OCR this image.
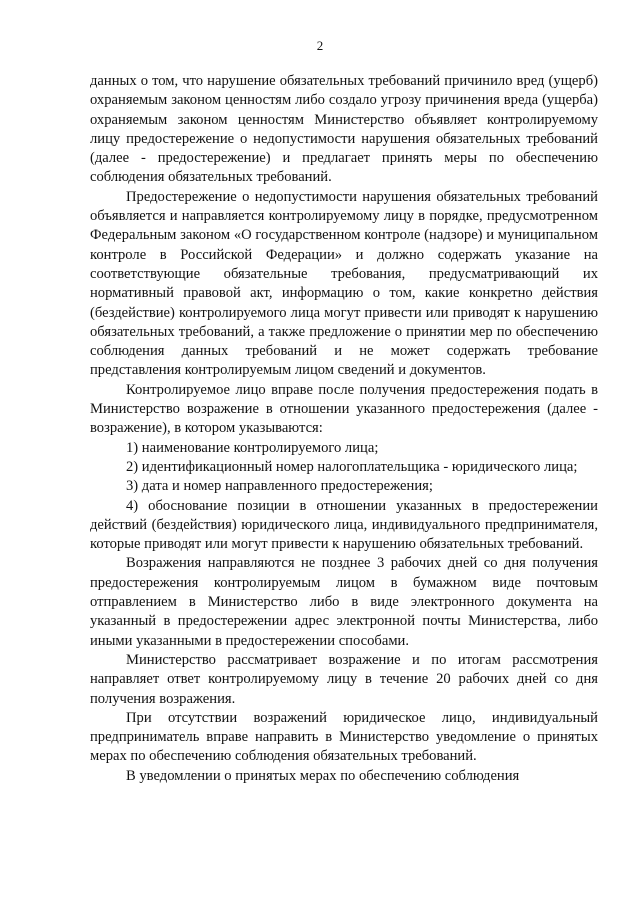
2

данных о том, что нарушение обязательных требований причинило вред (ущерб) охраняемым законом ценностям либо создало угрозу причинения вреда (ущерба) охраняемым законом ценностям Министерство объявляет контролируемому лицу предостережение о недопустимости нарушения обязательных требований (далее - предостережение) и предлагает принять меры по обеспечению соблюдения обязательных требований.

Предостережение о недопустимости нарушения обязательных требований объявляется и направляется контролируемому лицу в порядке, предусмотренном Федеральным законом «О государственном контроле (надзоре) и муниципальном контроле в Российской Федерации» и должно содержать указание на соответствующие обязательные требования, предусматривающий их нормативный правовой акт, информацию о том, какие конкретно действия (бездействие) контролируемого лица могут привести или приводят к нарушению обязательных требований, а также предложение о принятии мер по обеспечению соблюдения данных требований и не может содержать требование представления контролируемым лицом сведений и документов.

Контролируемое лицо вправе после получения предостережения подать в Министерство возражение в отношении указанного предостережения (далее - возражение), в котором указываются:

1) наименование контролируемого лица;

2) идентификационный номер налогоплательщика - юридического лица;

3) дата и номер направленного предостережения;

4) обоснование позиции в отношении указанных в предостережении действий (бездействия) юридического лица, индивидуального предпринимателя, которые приводят или могут привести к нарушению обязательных требований.

Возражения направляются не позднее 3 рабочих дней со дня получения предостережения контролируемым лицом в бумажном виде почтовым отправлением в Министерство либо в виде электронного документа на указанный в предостережении адрес электронной почты Министерства, либо иными указанными в предостережении способами.

Министерство рассматривает возражение и по итогам рассмотрения направляет ответ контролируемому лицу в течение 20 рабочих дней со дня получения возражения.

При отсутствии возражений юридическое лицо, индивидуальный предприниматель вправе направить в Министерство уведомление о принятых мерах по обеспечению соблюдения обязательных требований.

В уведомлении о принятых мерах по обеспечению соблюдения
